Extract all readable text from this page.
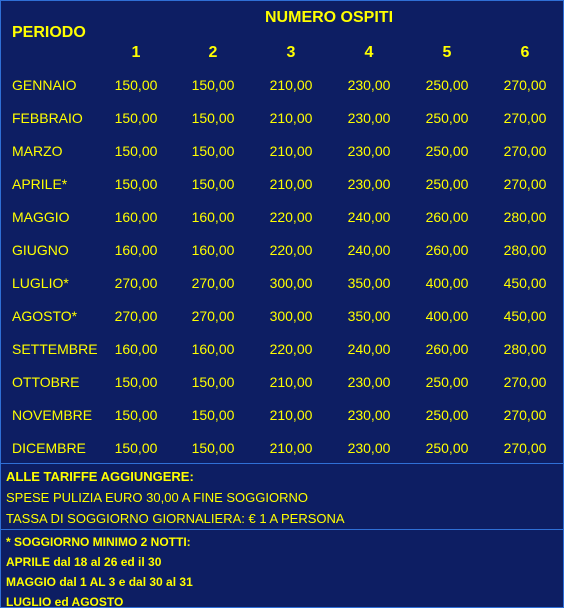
PERIODO
NUMERO OSPITI
1	2	3	4	5	6
GENNAIO	150,00	150,00	210,00	230,00	250,00	270,00
FEBBRAIO	150,00	150,00	210,00	230,00	250,00	270,00
MARZO	150,00	150,00	210,00	230,00	250,00	270,00
APRILE*	150,00	150,00	210,00	230,00	250,00	270,00
MAGGIO	160,00	160,00	220,00	240,00	260,00	280,00
GIUGNO	160,00	160,00	220,00	240,00	260,00	280,00
LUGLIO*	270,00	270,00	300,00	350,00	400,00	450,00
AGOSTO*	270,00	270,00	300,00	350,00	400,00	450,00
SETTEMBRE	160,00	160,00	220,00	240,00	260,00	280,00
OTTOBRE	150,00	150,00	210,00	230,00	250,00	270,00
NOVEMBRE	150,00	150,00	210,00	230,00	250,00	270,00
DICEMBRE	150,00	150,00	210,00	230,00	250,00	270,00
ALLE TARIFFE AGGIUNGERE:
SPESE PULIZIA EURO 30,00 A FINE SOGGIORNO
TASSA DI SOGGIORNO GIORNALIERA: € 1 A PERSONA
* SOGGIORNO MINIMO 2 NOTTI:
APRILE dal 18 al 26 ed il 30
MAGGIO dal 1 AL 3 e dal 30 al 31
LUGLIO ed AGOSTO
